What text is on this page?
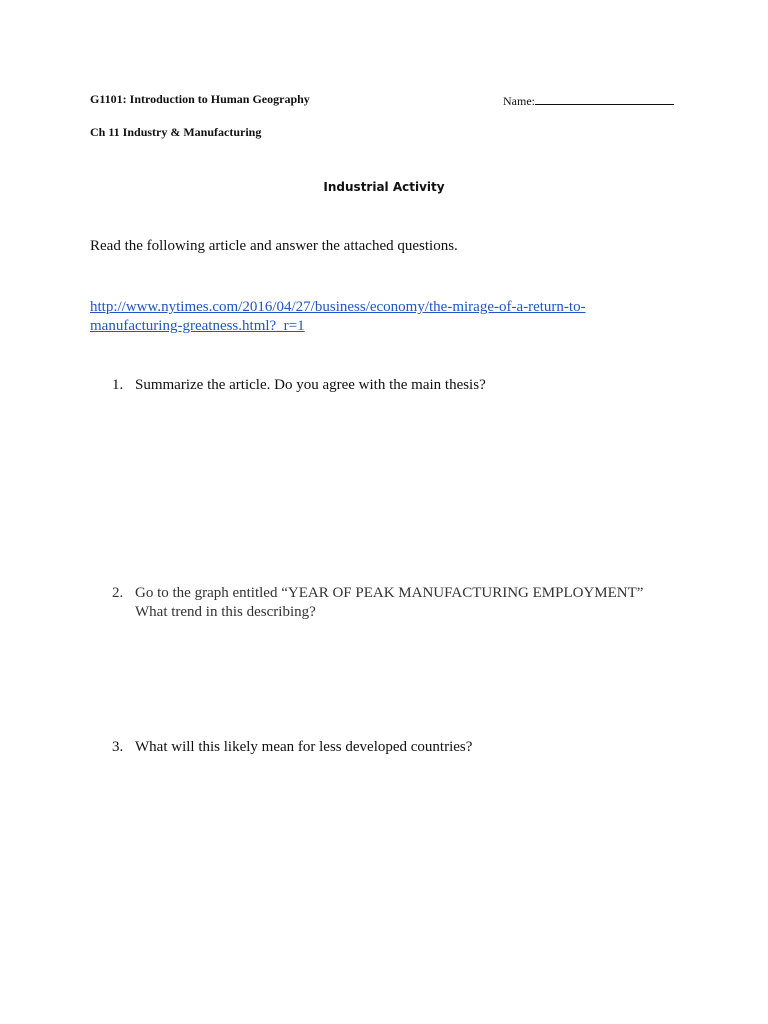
G1101: Introduction to Human Geography	Name:
Ch 11 Industry & Manufacturing
Industrial Activity
Read the following article and answer the attached questions.
http://www.nytimes.com/2016/04/27/business/economy/the-mirage-of-a-return-to-
manufacturing-greatness.html?_r=1
1. Summarize the article. Do you agree with the main thesis?
2. Go to the graph entitled “YEAR OF PEAK MANUFACTURING EMPLOYMENT”
What trend in this describing?
3. What will this likely mean for less developed countries?
